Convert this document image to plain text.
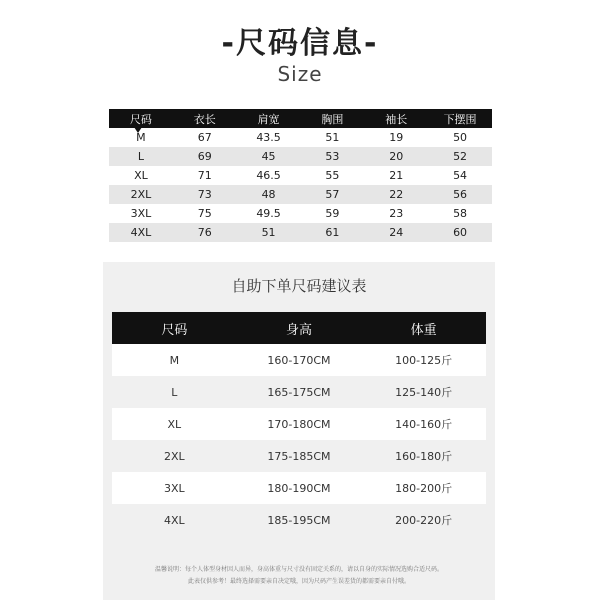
-尺码信息-
Size
尺码	衣长	肩宽	胸围	袖长	下摆围
M	67	43.5	51	19	50
L	69	45	53	20	52
XL	71	46.5	55	21	54
2XL	73	48	57	22	56
3XL	75	49.5	59	23	58
4XL	76	51	61	24	60
自助下单尺码建议表
尺码	身高	体重
M	160-170CM	100-125斤
L	165-175CM	125-140斤
XL	170-180CM	140-160斤
2XL	175-185CM	160-180斤
3XL	180-190CM	180-200斤
4XL	185-195CM	200-220斤
温馨说明：每个人体型身材因人而异，身高体重与尺寸没有固定关系的，请以自身的实际情况选购合适尺码。
此表仅供参考！最终选择需要亲自决定哦，因为尺码产生误差货的都需要亲自付哦。
